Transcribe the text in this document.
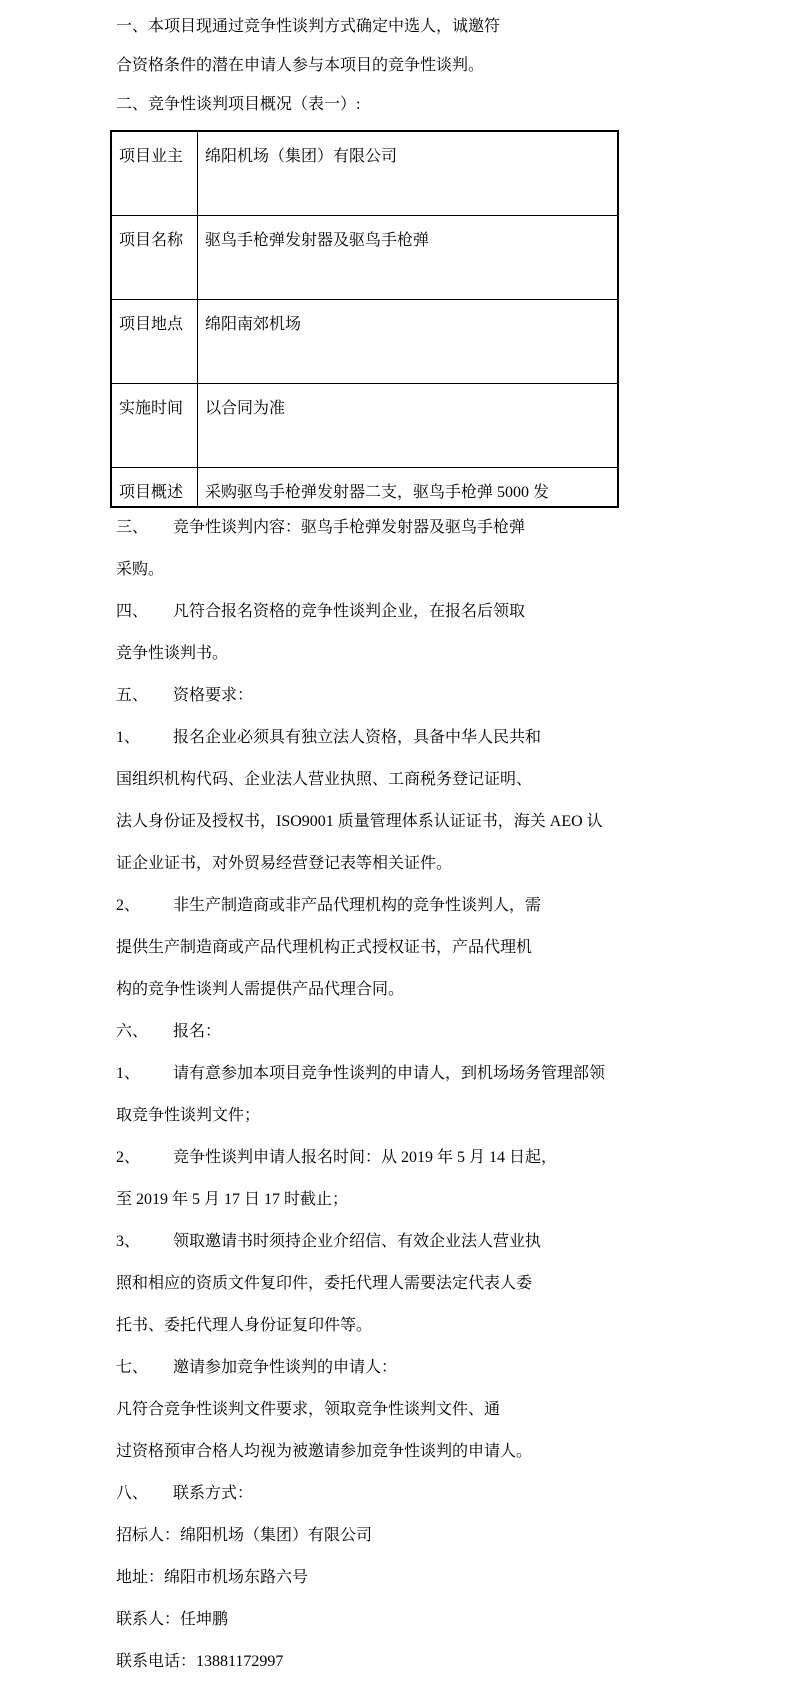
一、本项目现通过竞争性谈判方式确定中选人，诚邀符
合资格条件的潜在申请人参与本项目的竞争性谈判。
二、竞争性谈判项目概况（表一）:
项目业主	绵阳机场（集团）有限公司
项目名称	驱鸟手枪弹发射器及驱鸟手枪弹
项目地点	绵阳南郊机场
实施时间	以合同为准
项目概述	采购驱鸟手枪弹发射器二支，驱鸟手枪弹 5000 发
三、 竞争性谈判内容：驱鸟手枪弹发射器及驱鸟手枪弹
采购。
四、 凡符合报名资格的竞争性谈判企业，在报名后领取
竞争性谈判书。
五、 资格要求：
1、 报名企业必须具有独立法人资格，具备中华人民共和
国组织机构代码、企业法人营业执照、工商税务登记证明、
法人身份证及授权书，ISO9001 质量管理体系认证证书，海关 AEO 认
证企业证书，对外贸易经营登记表等相关证件。
2、 非生产制造商或非产品代理机构的竞争性谈判人，需
提供生产制造商或产品代理机构正式授权证书，产品代理机
构的竞争性谈判人需提供产品代理合同。
六、 报名：
1、 请有意参加本项目竞争性谈判的申请人，到机场场务管理部领
取竞争性谈判文件；
2、 竞争性谈判申请人报名时间：从 2019 年 5 月 14 日起，
至 2019 年 5 月 17 日 17 时截止；
3、 领取邀请书时须持企业介绍信、有效企业法人营业执
照和相应的资质文件复印件，委托代理人需要法定代表人委
托书、委托代理人身份证复印件等。
七、 邀请参加竞争性谈判的申请人：
凡符合竞争性谈判文件要求，领取竞争性谈判文件、通
过资格预审合格人均视为被邀请参加竞争性谈判的申请人。
八、 联系方式：
招标人：绵阳机场（集团）有限公司
地址：绵阳市机场东路六号
联系人：任坤鹏
联系电话：13881172997
